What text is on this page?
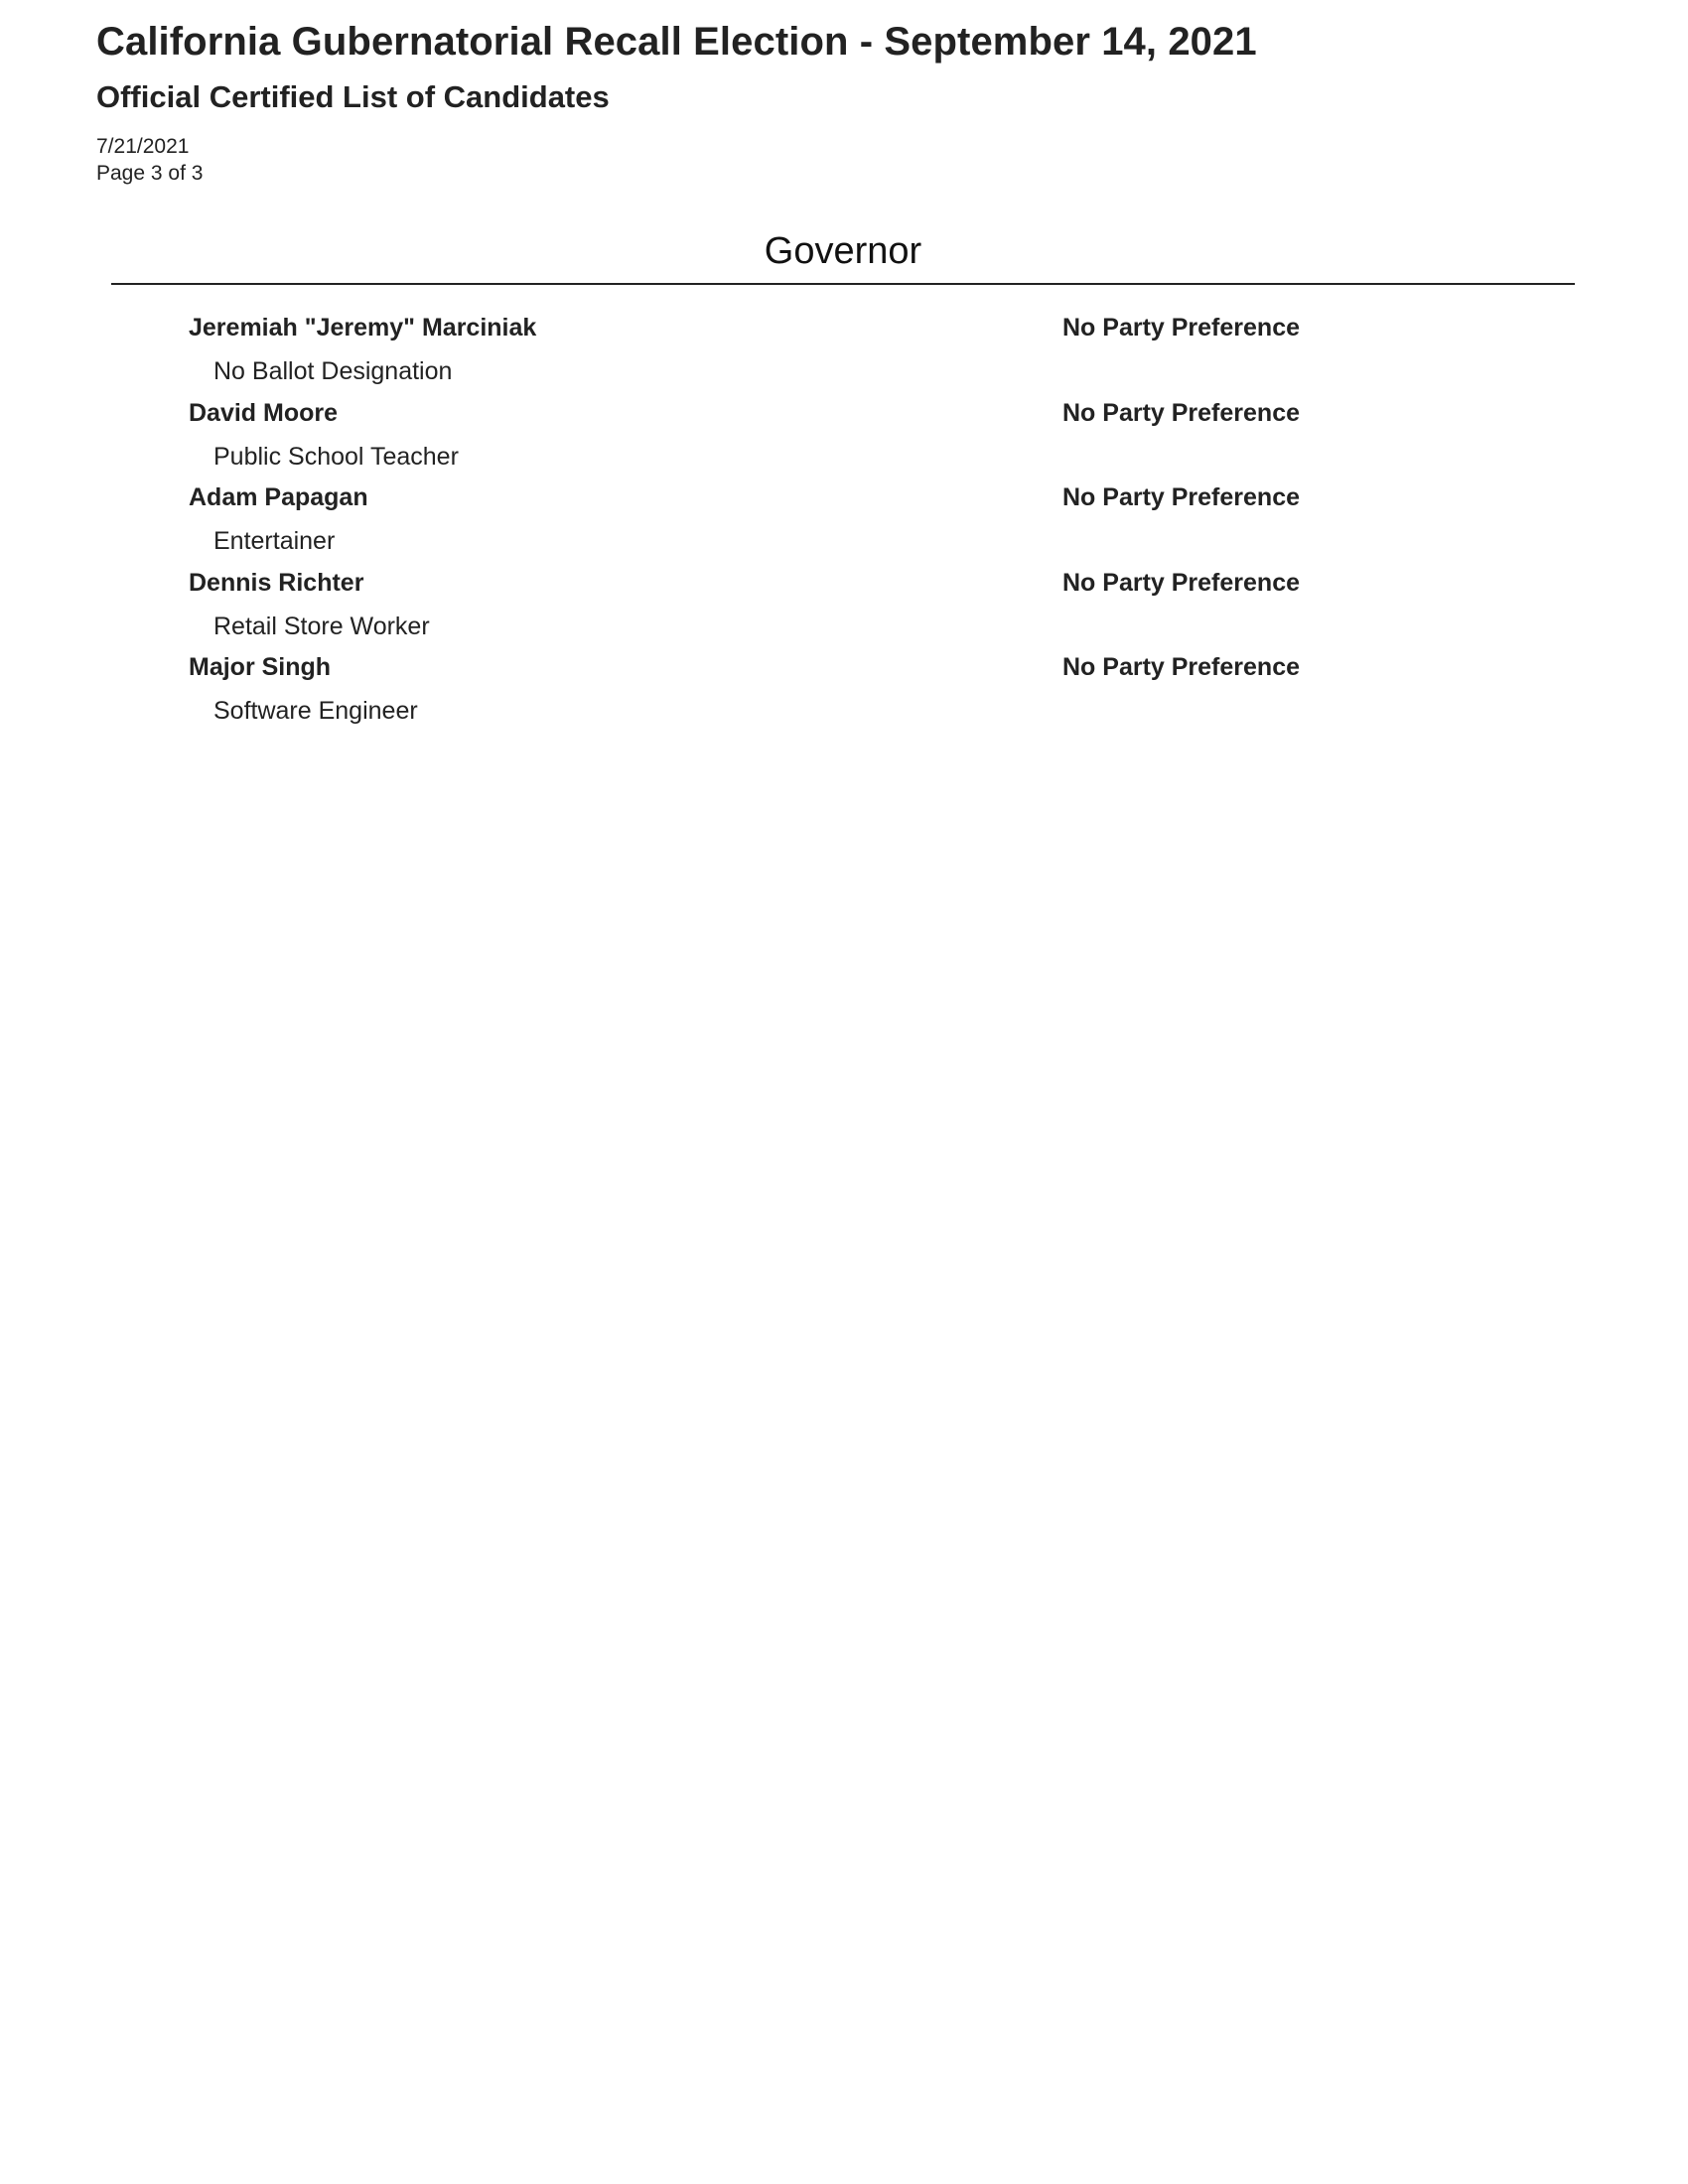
California Gubernatorial Recall Election - September 14, 2021
Official Certified List of Candidates
7/21/2021
Page 3 of 3
Governor
Jeremiah "Jeremy" Marciniak	No Party Preference
No Ballot Designation
David Moore	No Party Preference
Public School Teacher
Adam Papagan	No Party Preference
Entertainer
Dennis Richter	No Party Preference
Retail Store Worker
Major Singh	No Party Preference
Software Engineer
